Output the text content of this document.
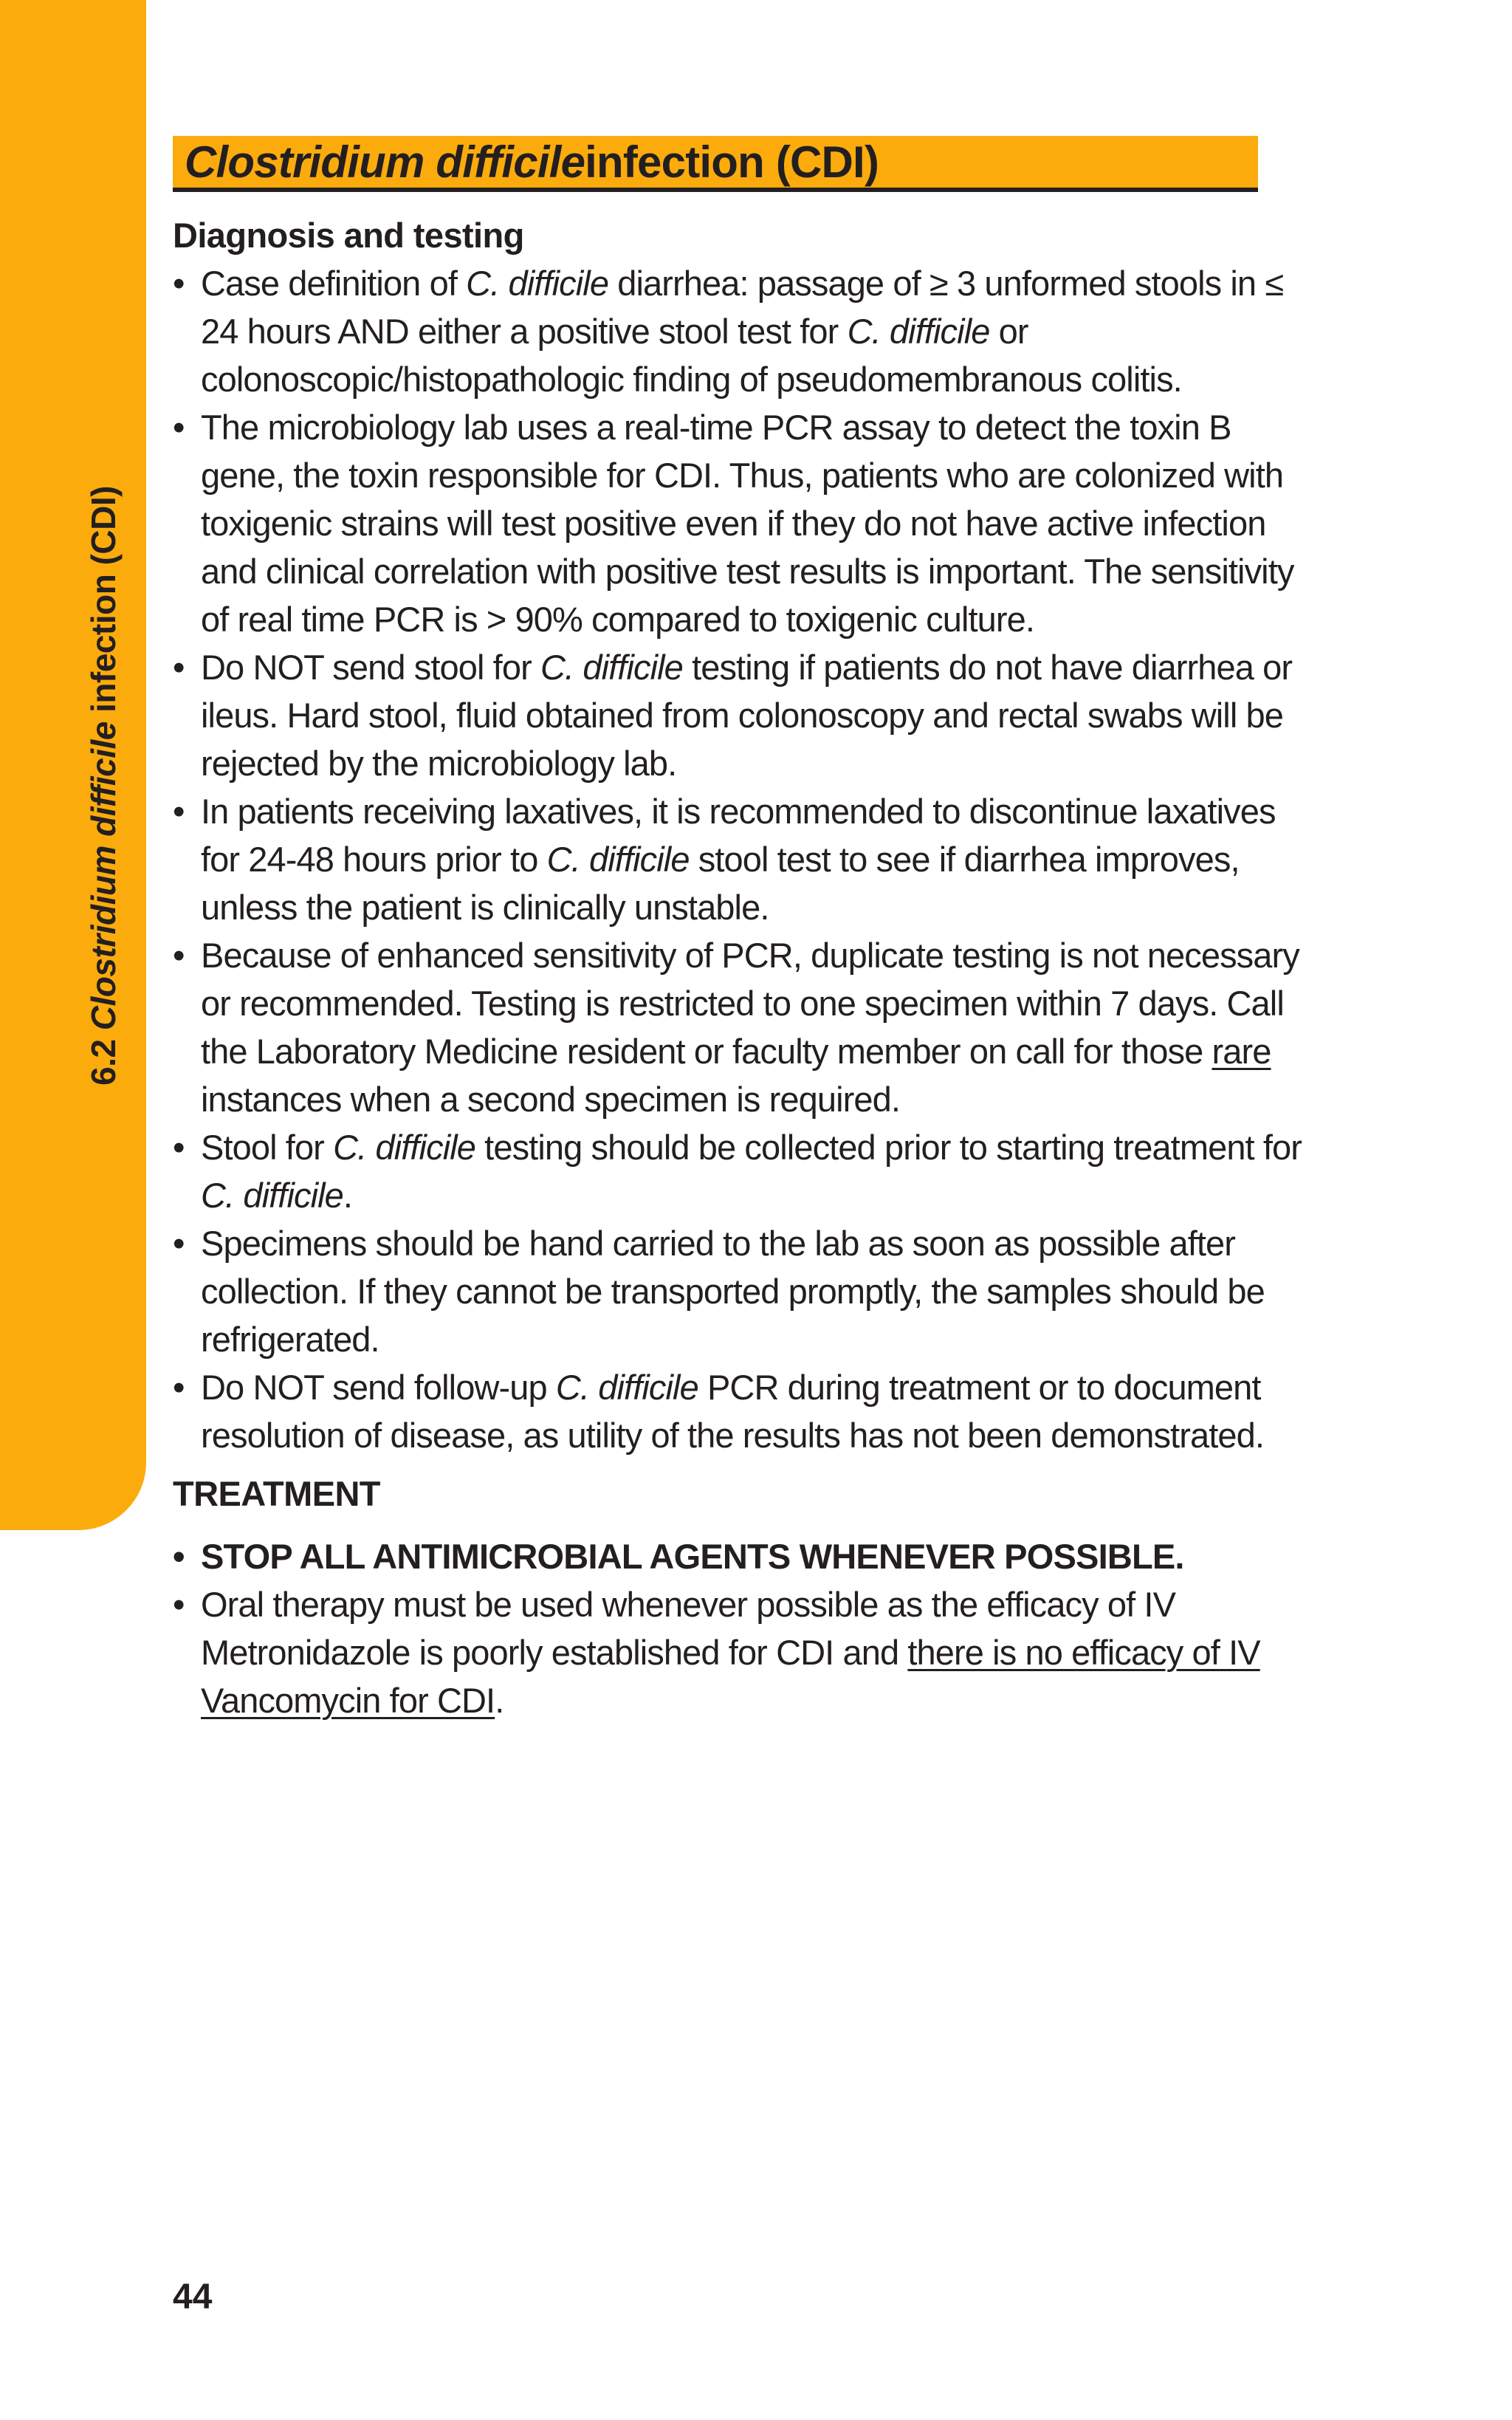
6.2 Clostridium difficile infection (CDI)
Clostridium difficile infection (CDI)
Diagnosis and testing
• Case definition of C. difficile diarrhea: passage of ≥ 3 unformed stools in ≤ 24 hours AND either a positive stool test for C. difficile or colonoscopic/histopathologic finding of pseudomembranous colitis.
• The microbiology lab uses a real-time PCR assay to detect the toxin B gene, the toxin responsible for CDI. Thus, patients who are colonized with toxigenic strains will test positive even if they do not have active infection and clinical correlation with positive test results is important. The sensitivity of real time PCR is > 90% compared to toxigenic culture.
• Do NOT send stool for C. difficile testing if patients do not have diarrhea or ileus. Hard stool, fluid obtained from colonoscopy and rectal swabs will be rejected by the microbiology lab.
• In patients receiving laxatives, it is recommended to discontinue laxatives for 24-48 hours prior to C. difficile stool test to see if diarrhea improves, unless the patient is clinically unstable.
• Because of enhanced sensitivity of PCR, duplicate testing is not necessary or recommended. Testing is restricted to one specimen within 7 days. Call the Laboratory Medicine resident or faculty member on call for those rare instances when a second specimen is required.
• Stool for C. difficile testing should be collected prior to starting treatment for C. difficile.
• Specimens should be hand carried to the lab as soon as possible after collection. If they cannot be transported promptly, the samples should be refrigerated.
• Do NOT send follow-up C. difficile PCR during treatment or to document resolution of disease, as utility of the results has not been demonstrated.
TREATMENT
• STOP ALL ANTIMICROBIAL AGENTS WHENEVER POSSIBLE.
• Oral therapy must be used whenever possible as the efficacy of IV Metronidazole is poorly established for CDI and there is no efficacy of IV Vancomycin for CDI.
44
